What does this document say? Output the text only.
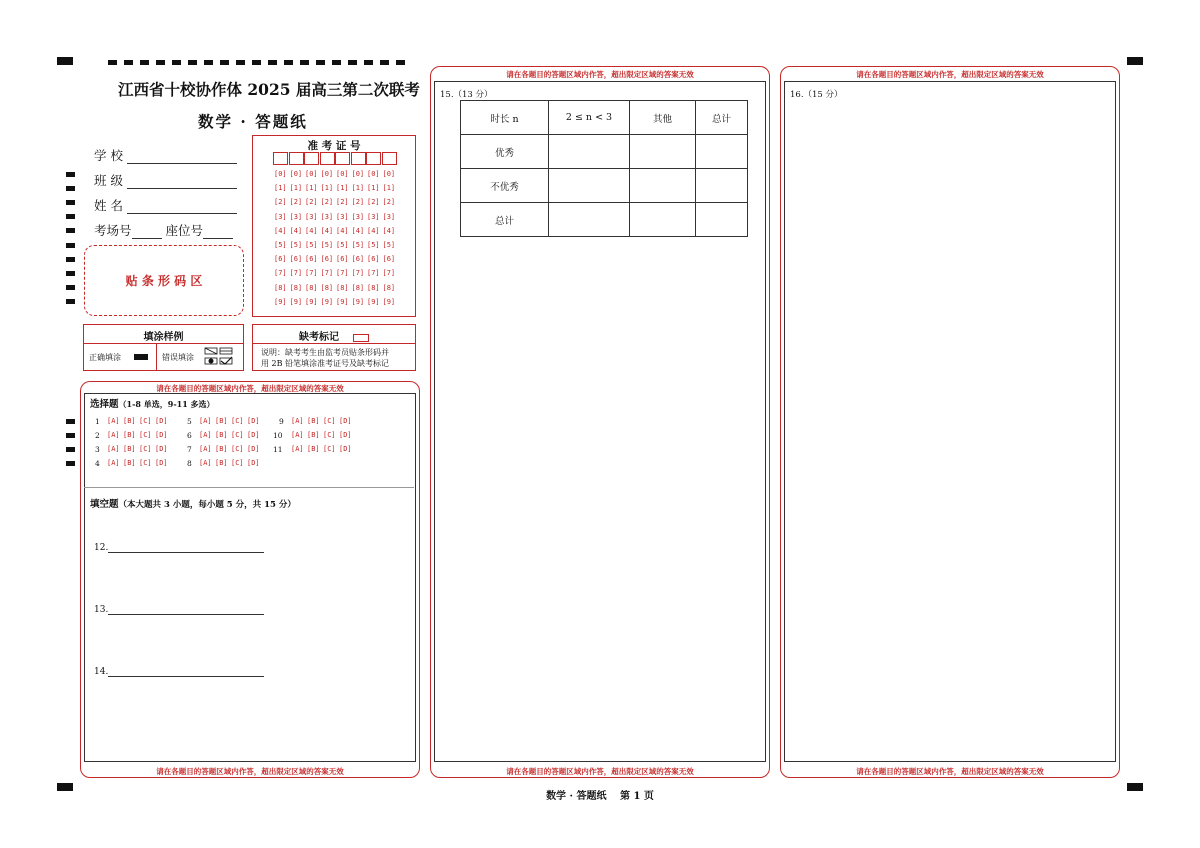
江西省十校协作体 2025 届高三第二次联考
数学 · 答题纸
学 校
班 级
姓 名
考场号	座位号
贴 条 形 码 区
准 考 证 号
[0] [0] [0] [0] [0] [0] [0] [0]
[1] [1] [1] [1] [1] [1] [1] [1]
[2] [2] [2] [2] [2] [2] [2] [2]
[3] [3] [3] [3] [3] [3] [3] [3]
[4] [4] [4] [4] [4] [4] [4] [4]
[5] [5] [5] [5] [5] [5] [5] [5]
[6] [6] [6] [6] [6] [6] [6] [6]
[7] [7] [7] [7] [7] [7] [7] [7]
[8] [8] [8] [8] [8] [8] [8] [8]
[9] [9] [9] [9] [9] [9] [9] [9]
填涂样例
正确填涂	错误填涂
缺考标记
说明：缺考考生由监考员贴条形码并
用 2B 铅笔填涂准考证号及缺考标记
请在各题目的答题区域内作答，超出限定区域的答案无效
请在各题目的答题区域内作答，超出限定区域的答案无效
选择题（1-8 单选，9-11 多选）
1 [A] [B] [C] [D]
2 [A] [B] [C] [D]
3 [A] [B] [C] [D]
4 [A] [B] [C] [D]
5 [A] [B] [C] [D]
6 [A] [B] [C] [D]
7 [A] [B] [C] [D]
8 [A] [B] [C] [D]
9 [A] [B] [C] [D]
10 [A] [B] [C] [D]
11 [A] [B] [C] [D]
填空题（本大题共 3 小题，每小题 5 分，共 15 分）
12.
13.
14.
请在各题目的答题区域内作答，超出限定区域的答案无效
请在各题目的答题区域内作答，超出限定区域的答案无效
15.（13 分）
时长 n	2 ≤ n < 3	其他	总计
优秀			
不优秀			
总计			
请在各题目的答题区域内作答，超出限定区域的答案无效
请在各题目的答题区域内作答，超出限定区域的答案无效
16.（15 分）
数学 · 答题纸　 第 1 页
